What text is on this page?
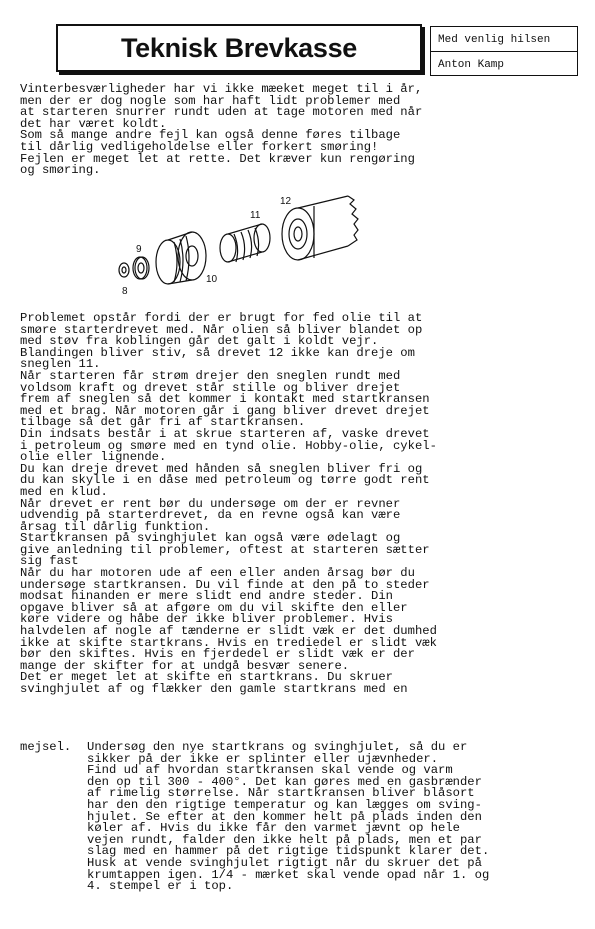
Teknisk Brevkasse	Med venlig hilsen
Anton Kamp
Vinterbesværligheder har vi ikke mæeket meget til i år,
men der er dog nogle som har haft lidt problemer med
at starteren snurrer rundt uden at tage motoren med når
det har været koldt.
Som så mange andre fejl kan også denne føres tilbage
til dårlig vedligeholdelse eller forkert smøring!
Fejlen er meget let at rette. Det kræver kun rengøring
og smøring.
8
9
10
11
12
Problemet opstår fordi der er brugt for fed olie til at
smøre starterdrevet med. Når olien så bliver blandet op
med støv fra koblingen går det galt i koldt vejr.
Blandingen bliver stiv, så drevet 12 ikke kan dreje om
sneglen 11.
Når starteren får strøm drejer den sneglen rundt med
voldsom kraft og drevet står stille og bliver drejet
frem af sneglen så det kommer i kontakt med startkransen
med et brag. Når motoren går i gang bliver drevet drejet
tilbage så det går fri af startkransen.
Din indsats består i at skrue starteren af, vaske drevet
i petroleum og smøre med en tynd olie. Hobby-olie, cykel-
olie eller lignende.
Du kan dreje drevet med hånden så sneglen bliver fri og
du kan skylle i en dåse med petroleum og tørre godt rent
med en klud.
Når drevet er rent bør du undersøge om der er revner
udvendig på starterdrevet, da en revne også kan være
årsag til dårlig funktion.
Startkransen på svinghjulet kan også være ødelagt og
give anledning til problemer, oftest at starteren sætter
sig fast
Når du har motoren ude af een eller anden årsag bør du
undersøge startkransen. Du vil finde at den på to steder
modsat hinanden er mere slidt end andre steder. Din
opgave bliver så at afgøre om du vil skifte den eller
køre videre og håbe der ikke bliver problemer. Hvis
halvdelen af nogle af tænderne er slidt væk er det dumhed
ikke at skifte startkrans. Hvis en trediedel er slidt væk
bør den skiftes. Hvis en fjerdedel er slidt væk er der
mange der skifter for at undgå besvær senere.
Det er meget let at skifte en startkrans. Du skruer
svinghjulet af og flækker den gamle startkrans med en
mejsel. Undersøg den nye startkrans og svinghjulet, så du er
sikker på der ikke er splinter eller ujævnheder.
Find ud af hvordan startkransen skal vende og varm
den op til 300 - 400°. Det kan gøres med en gasbrænder
af rimelig størrelse. Når startkransen bliver blåsort
har den den rigtige temperatur og kan lægges om sving-
hjulet. Se efter at den kommer helt på plads inden den
køler af. Hvis du ikke får den varmet jævnt op hele
vejen rundt, falder den ikke helt på plads, men et par
slag med en hammer på det rigtige tidspunkt klarer det.
Husk at vende svinghjulet rigtigt når du skruer det på
krumtappen igen. 1/4 - mærket skal vende opad når 1. og
4. stempel er i top.
